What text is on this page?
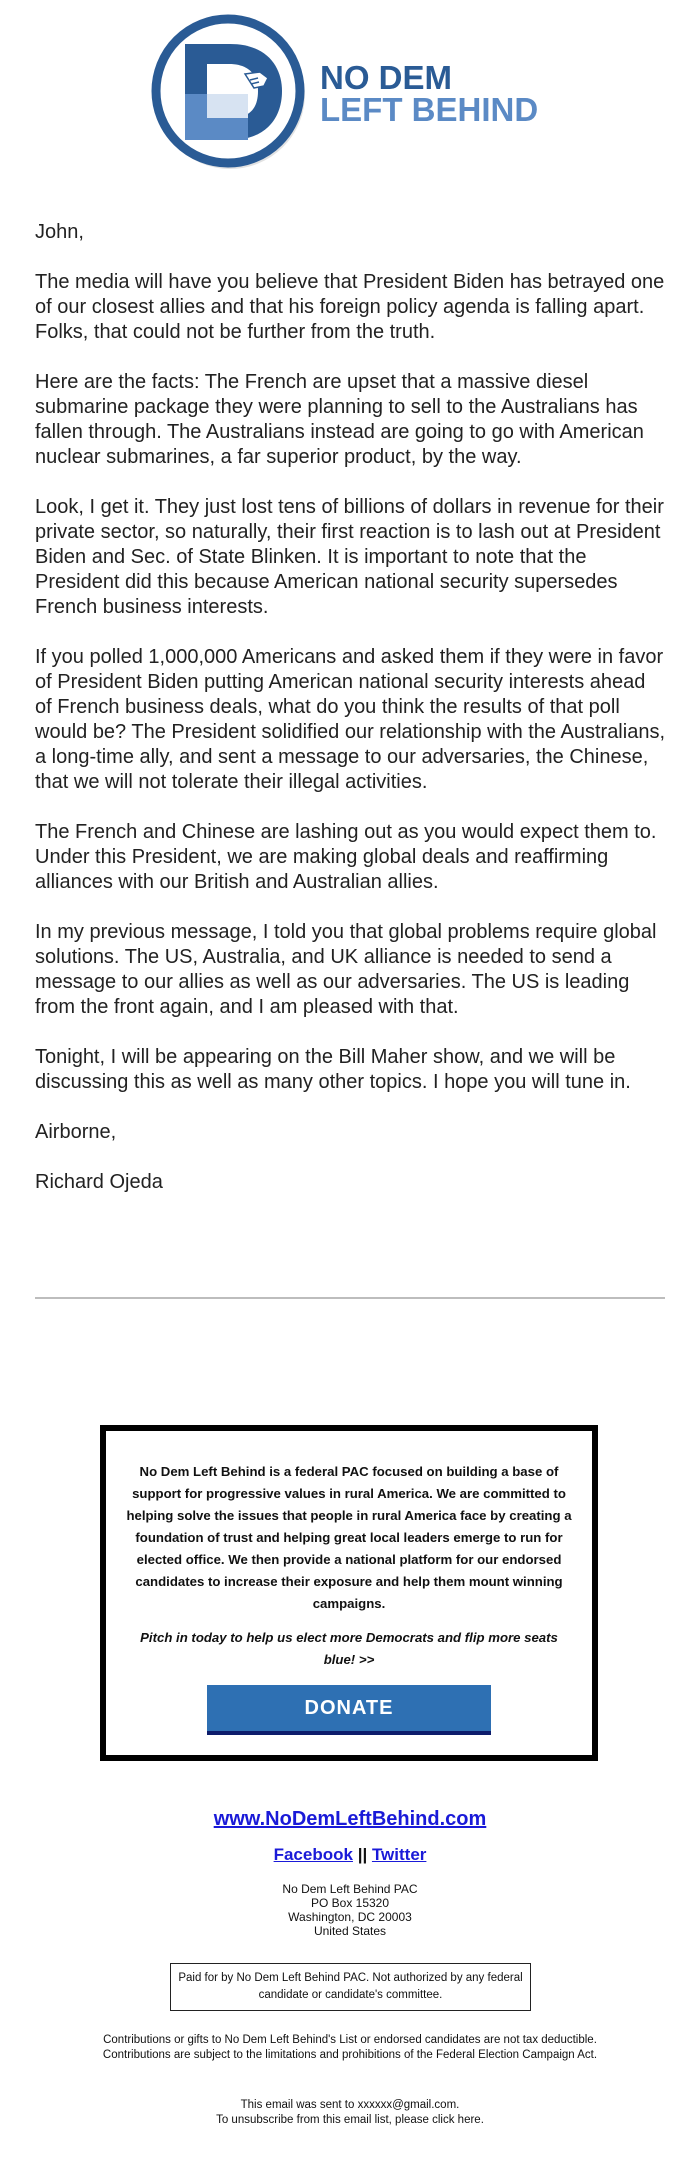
NO DEM
LEFT BEHIND

John,

The media will have you believe that President Biden has betrayed one of our closest allies and that his foreign policy agenda is falling apart. Folks, that could not be further from the truth.

Here are the facts: The French are upset that a massive diesel submarine package they were planning to sell to the Australians has fallen through. The Australians instead are going to go with American nuclear submarines, a far superior product, by the way.

Look, I get it. They just lost tens of billions of dollars in revenue for their private sector, so naturally, their first reaction is to lash out at President Biden and Sec. of State Blinken. It is important to note that the President did this because American national security supersedes French business interests.

If you polled 1,000,000 Americans and asked them if they were in favor of President Biden putting American national security interests ahead of French business deals, what do you think the results of that poll would be? The President solidified our relationship with the Australians, a long-time ally, and sent a message to our adversaries, the Chinese, that we will not tolerate their illegal activities.

The French and Chinese are lashing out as you would expect them to. Under this President, we are making global deals and reaffirming alliances with our British and Australian allies.

In my previous message, I told you that global problems require global solutions. The US, Australia, and UK alliance is needed to send a message to our allies as well as our adversaries. The US is leading from the front again, and I am pleased with that.

Tonight, I will be appearing on the Bill Maher show, and we will be discussing this as well as many other topics. I hope you will tune in.

Airborne,

Richard Ojeda

No Dem Left Behind is a federal PAC focused on building a base of support for progressive values in rural America. We are committed to helping solve the issues that people in rural America face by creating a foundation of trust and helping great local leaders emerge to run for elected office. We then provide a national platform for our endorsed candidates to increase their exposure and help them mount winning campaigns.

Pitch in today to help us elect more Democrats and flip more seats blue! >>

DONATE
www.NoDemLeftBehind.com
Facebook || Twitter
No Dem Left Behind PAC
PO Box 15320
Washington, DC 20003
United States
Paid for by No Dem Left Behind PAC. Not authorized by any federal candidate or candidate's committee.
Contributions or gifts to No Dem Left Behind's List or endorsed candidates are not tax deductible.
Contributions are subject to the limitations and prohibitions of the Federal Election Campaign Act.
This email was sent to xxxxxx@gmail.com.
To unsubscribe from this email list, please click here.
